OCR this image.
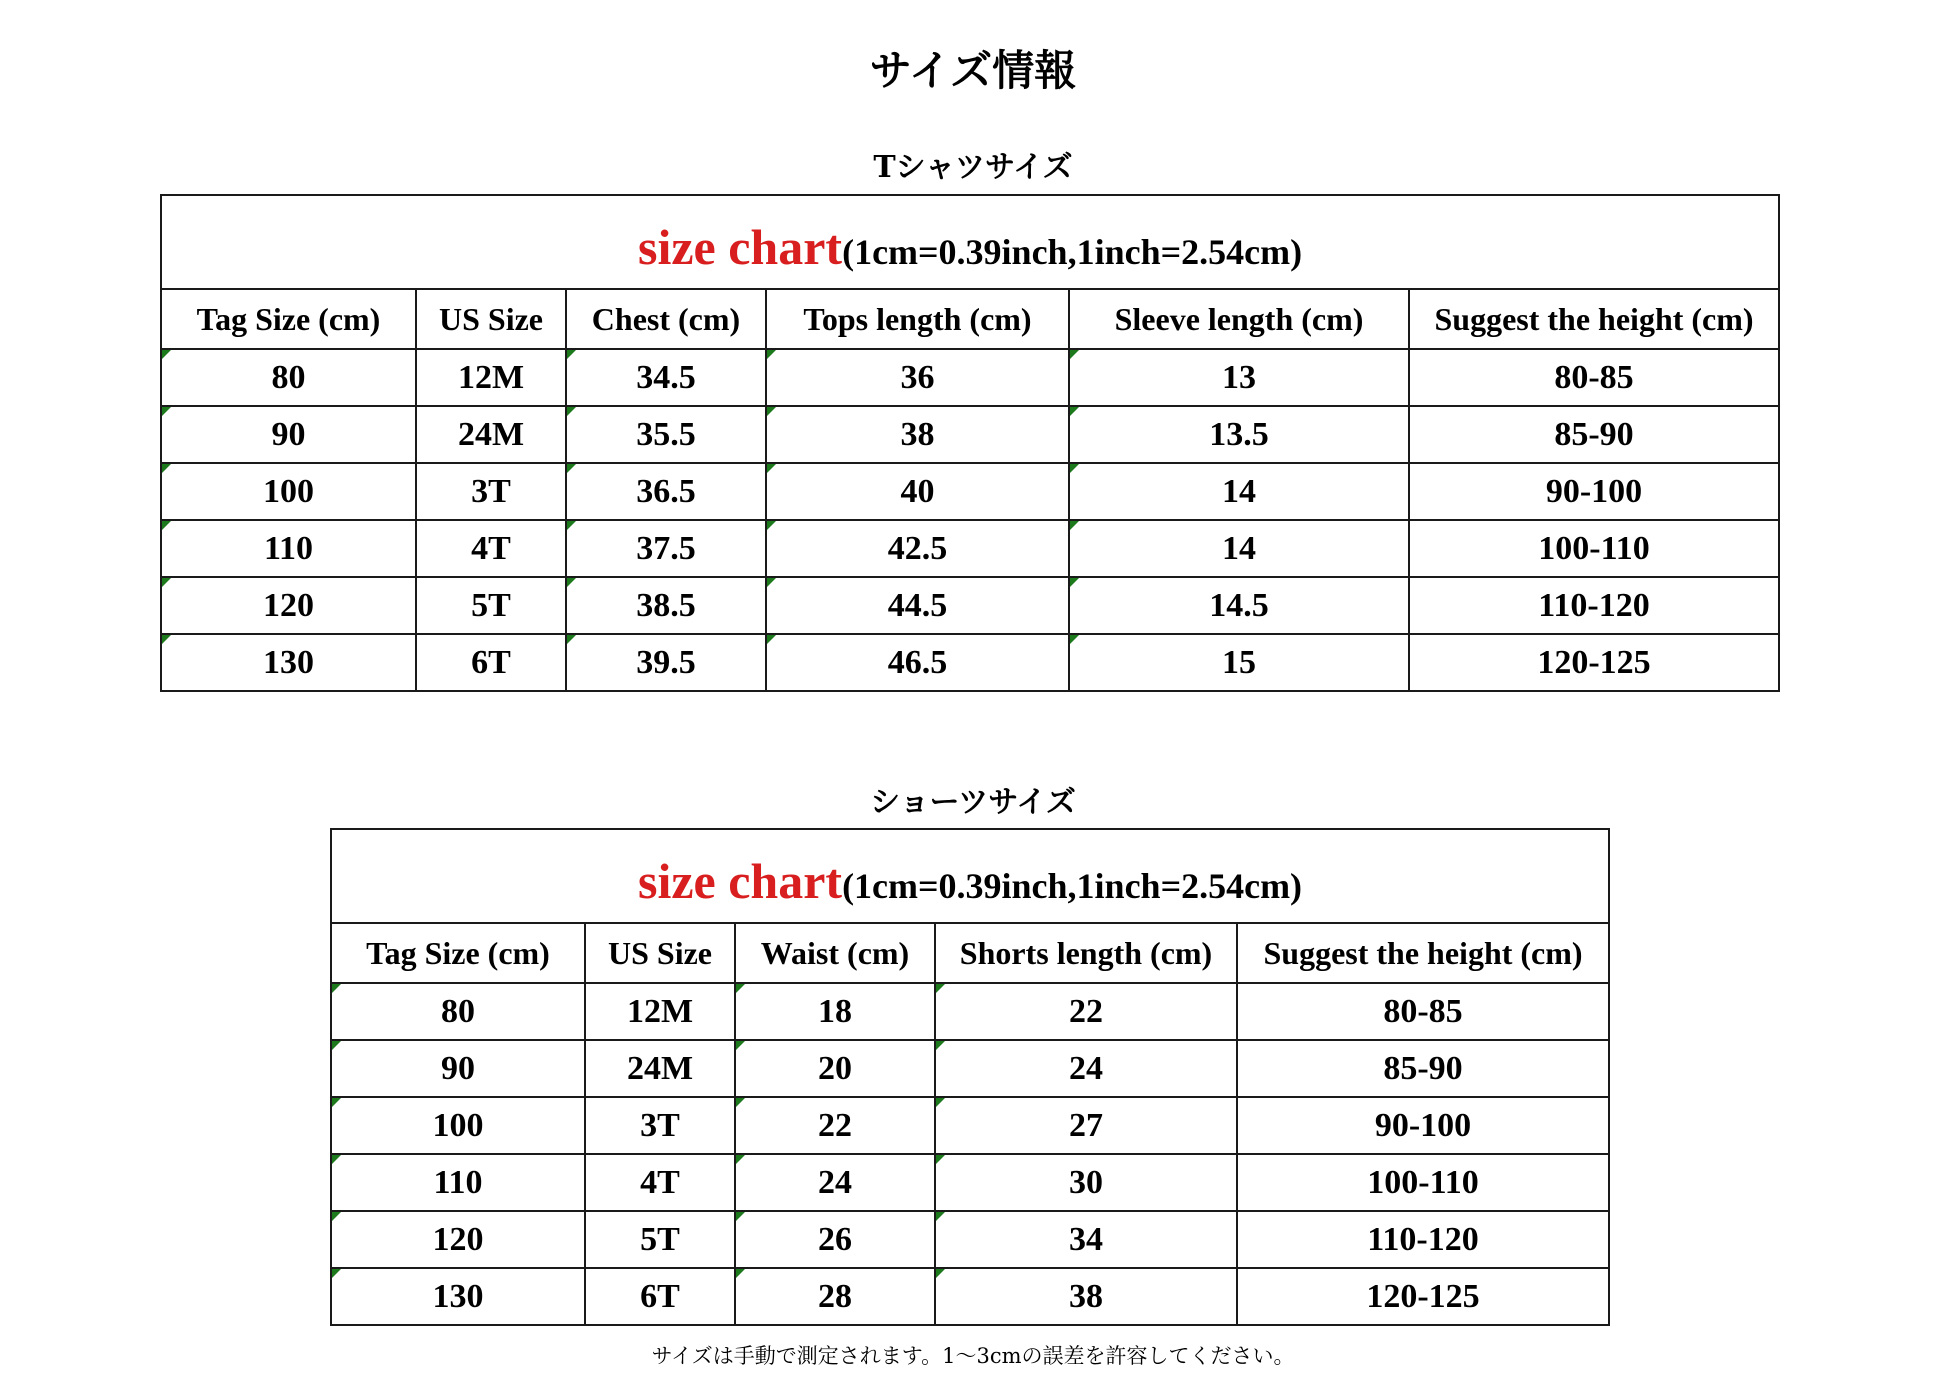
サイズ情報
Tシャツサイズ
size chart(1cm=0.39inch,1inch=2.54cm)					
Tag Size (cm)	US Size	Chest (cm)	Tops length (cm)	Sleeve length (cm)	Suggest the height (cm)
80	12M	34.5	36	13	80-85
90	24M	35.5	38	13.5	85-90
100	3T	36.5	40	14	90-100
110	4T	37.5	42.5	14	100-110
120	5T	38.5	44.5	14.5	110-120
130	6T	39.5	46.5	15	120-125
ショーツサイズ
size chart(1cm=0.39inch,1inch=2.54cm)				
Tag Size (cm)	US Size	Waist (cm)	Shorts length (cm)	Suggest the height (cm)
80	12M	18	22	80-85
90	24M	20	24	85-90
100	3T	22	27	90-100
110	4T	24	30	100-110
120	5T	26	34	110-120
130	6T	28	38	120-125
サイズは手動で測定されます。1〜3cmの誤差を許容してください。
